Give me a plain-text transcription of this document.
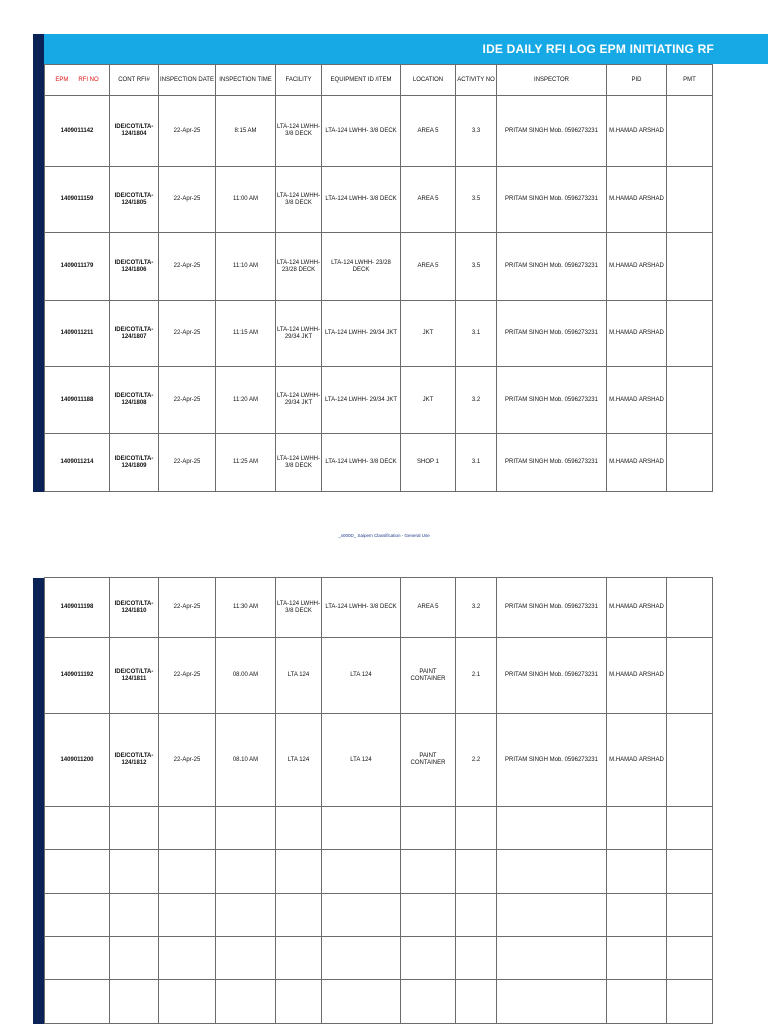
IDE DAILY RFI LOG EPM INITIATING RF
EPM RFI NO	CONT RFI#	INSPECTION DATE	INSPECTION TIME	FACILITY	EQUIPMENT ID /ITEM	LOCATION	ACTIVITY NO	INSPECTOR	PID	PMT
1409011142	IDE/COT/LTA-124/1804	22-Apr-25	8:15 AM	LTA-124 LWHH- 3/8 DECK	LTA-124 LWHH- 3/8 DECK	AREA 5	3.3	PRITAM SINGH Mob. 0596273231	M.HAMAD ARSHAD	
1409011159	IDE/COT/LTA-124/1805	22-Apr-25	11:00 AM	LTA-124 LWHH- 3/8 DECK	LTA-124 LWHH- 3/8 DECK	AREA 5	3.5	PRITAM SINGH Mob. 0596273231	M.HAMAD ARSHAD	
1409011179	IDE/COT/LTA-124/1806	22-Apr-25	11:10 AM	LTA-124 LWHH- 23/28 DECK	LTA-124 LWHH- 23/28 DECK	AREA 5	3.5	PRITAM SINGH Mob. 0596273231	M.HAMAD ARSHAD	
1409011211	IDE/COT/LTA-124/1807	22-Apr-25	11:15 AM	LTA-124 LWHH- 29/34 JKT	LTA-124 LWHH- 29/34 JKT	JKT	3.1	PRITAM SINGH Mob. 0596273231	M.HAMAD ARSHAD	
1409011188	IDE/COT/LTA-124/1808	22-Apr-25	11:20 AM	LTA-124 LWHH- 29/34 JKT	LTA-124 LWHH- 29/34 JKT	JKT	3.2	PRITAM SINGH Mob. 0596273231	M.HAMAD ARSHAD	
1409011214	IDE/COT/LTA-124/1809	22-Apr-25	11:25 AM	LTA-124 LWHH- 3/8 DECK	LTA-124 LWHH- 3/8 DECK	SHOP 1	3.1	PRITAM SINGH Mob. 0596273231	M.HAMAD ARSHAD	
_x000D_ Saipem Classification - General Use
1409011198	IDE/COT/LTA-124/1810	22-Apr-25	11:30 AM	LTA-124 LWHH- 3/8 DECK	LTA-124 LWHH- 3/8 DECK	AREA 5	3.2	PRITAM SINGH Mob. 0596273231	M.HAMAD ARSHAD	
1409011192	IDE/COT/LTA-124/1811	22-Apr-25	08.00 AM	LTA 124	LTA 124	PAINT CONTAINER	2.1	PRITAM SINGH Mob. 0596273231	M.HAMAD ARSHAD	
1409011200	IDE/COT/LTA-124/1812	22-Apr-25	08.10 AM	LTA 124	LTA 124	PAINT CONTAINER	2.2	PRITAM SINGH Mob. 0596273231	M.HAMAD ARSHAD	
